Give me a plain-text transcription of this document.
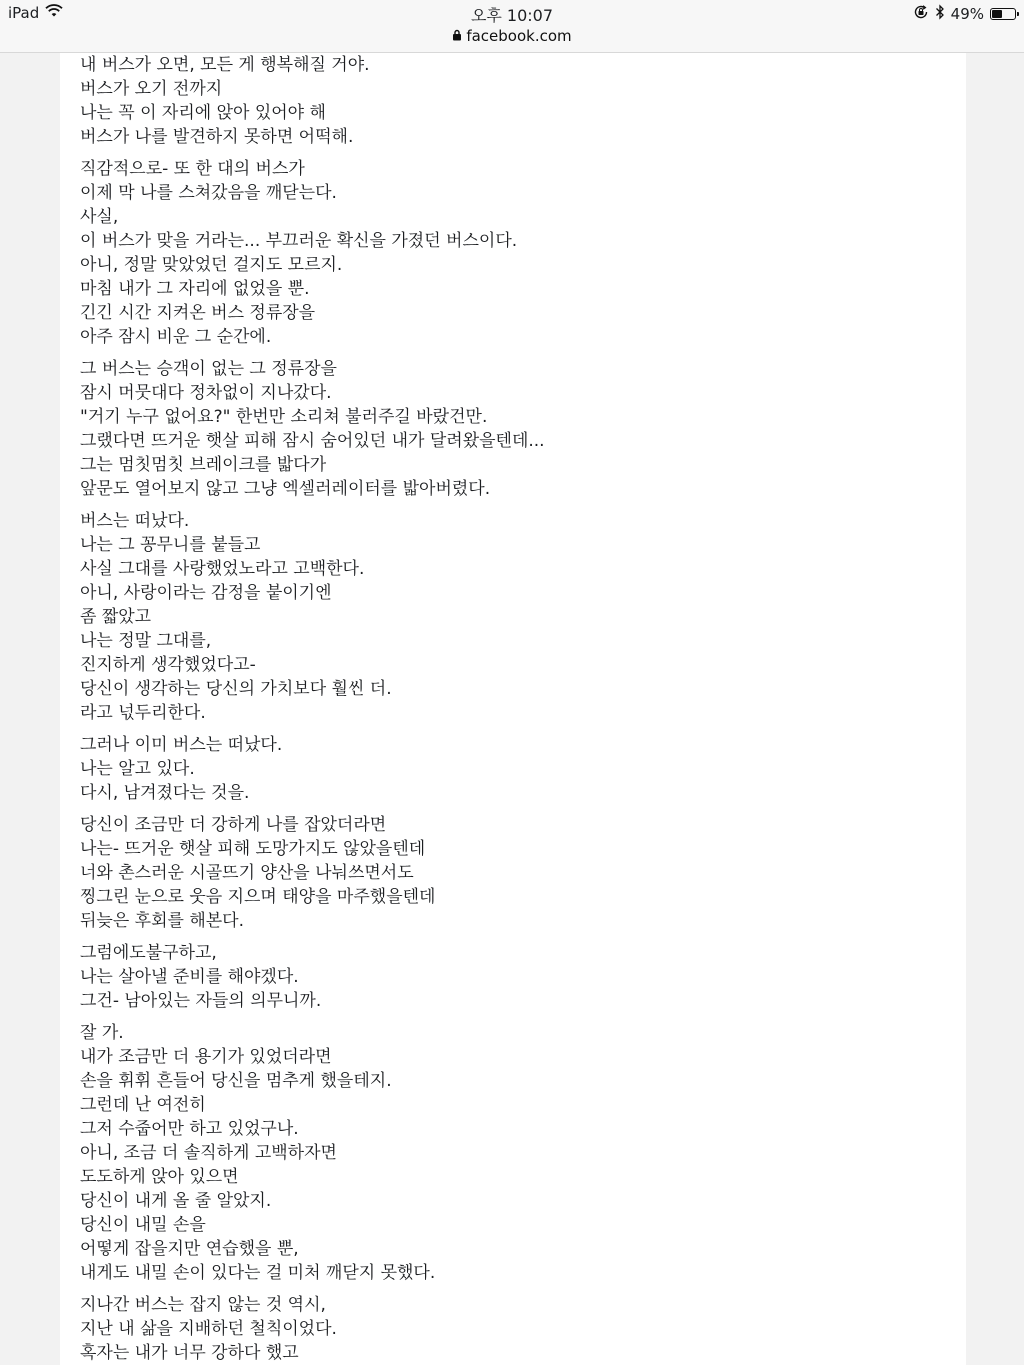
iPad	오후 10:07
facebook.com
49%
내 버스가 오면, 모든 게 행복해질 거야.
버스가 오기 전까지
나는 꼭 이 자리에 앉아 있어야 해
버스가 나를 발견하지 못하면 어떡해.
직감적으로- 또 한 대의 버스가
이제 막 나를 스쳐갔음을 깨닫는다.
사실,
이 버스가 맞을 거라는... 부끄러운 확신을 가졌던 버스이다.
아니, 정말 맞았었던 걸지도 모르지.
마침 내가 그 자리에 없었을 뿐.
긴긴 시간 지켜온 버스 정류장을
아주 잠시 비운 그 순간에.
그 버스는 승객이 없는 그 정류장을
잠시 머뭇대다 정차없이 지나갔다.
"거기 누구 없어요?" 한번만 소리쳐 불러주길 바랐건만.
그랬다면 뜨거운 햇살 피해 잠시 숨어있던 내가 달려왔을텐데...
그는 멈칫멈칫 브레이크를 밟다가
앞문도 열어보지 않고 그냥 엑셀러레이터를 밟아버렸다.
버스는 떠났다.
나는 그 꽁무니를 붙들고
사실 그대를 사랑했었노라고 고백한다.
아니, 사랑이라는 감정을 붙이기엔
좀 짧았고
나는 정말 그대를,
진지하게 생각했었다고-
당신이 생각하는 당신의 가치보다 훨씬 더.
라고 넋두리한다.
그러나 이미 버스는 떠났다.
나는 알고 있다.
다시, 남겨졌다는 것을.
당신이 조금만 더 강하게 나를 잡았더라면
나는- 뜨거운 햇살 피해 도망가지도 않았을텐데
너와 촌스러운 시골뜨기 양산을 나눠쓰면서도
찡그린 눈으로 웃음 지으며 태양을 마주했을텐데
뒤늦은 후회를 해본다.
그럼에도불구하고,
나는 살아낼 준비를 해야겠다.
그건- 남아있는 자들의 의무니까.
잘 가.
내가 조금만 더 용기가 있었더라면
손을 휘휘 흔들어 당신을 멈추게 했을테지.
그런데 난 여전히
그저 수줍어만 하고 있었구나.
아니, 조금 더 솔직하게 고백하자면
도도하게 앉아 있으면
당신이 내게 올 줄 알았지.
당신이 내밀 손을
어떻게 잡을지만 연습했을 뿐,
내게도 내밀 손이 있다는 걸 미처 깨닫지 못했다.
지나간 버스는 잡지 않는 것 역시,
지난 내 삶을 지배하던 철칙이었다.
혹자는 내가 너무 강하다 했고
